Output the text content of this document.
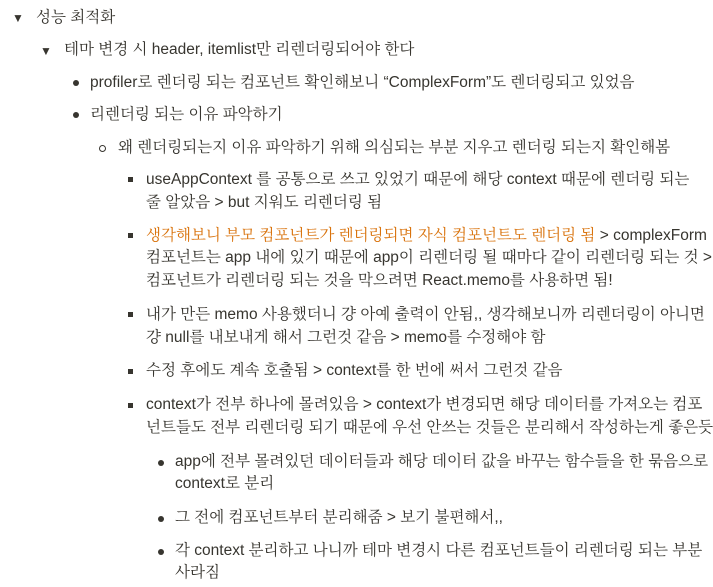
▼ 성능 최적화
▼ 테마 변경 시 header, itemlist만 리렌더링되어야 한다
profiler로 렌더링 되는 컴포넌트 확인해보니 “ComplexForm”도 렌더링되고 있었음
리렌더링 되는 이유 파악하기
왜 렌더링되는지 이유 파악하기 위해 의심되는 부분 지우고 렌더링 되는지 확인해봄
useAppContext 를 공통으로 쓰고 있었기 때문에 해당 context 때문에 렌더링 되는
줄 알았음 > but 지워도 리렌더링 됨
생각해보니 부모 컴포넌트가 렌더링되면 자식 컴포넌트도 렌더링 됨 > complexForm
컴포넌트는 app 내에 있기 때문에 app이 리렌더링 될 때마다 같이 리렌더링 되는 것 >
컴포넌트가 리렌더링 되는 것을 막으려면 React.memo를 사용하면 됨!
내가 만든 memo 사용했더니 걍 아예 출력이 안됨,, 생각해보니까 리렌더링이 아니면
걍 null를 내보내게 해서 그런것 같음 > memo를 수정해야 함
수정 후에도 계속 호출됨 > context를 한 번에 써서 그런것 같음
context가 전부 하나에 몰려있음 > context가 변경되면 해당 데이터를 가져오는 컴포
넌트들도 전부 리렌더링 되기 때문에 우선 안쓰는 것들은 분리해서 작성하는게 좋은듯
app에 전부 몰려있던 데이터들과 해당 데이터 값을 바꾸는 함수들을 한 묶음으로
context로 분리
그 전에 컴포넌트부터 분리해줌 > 보기 불편해서,,
각 context 분리하고 나니까 테마 변경시 다른 컴포넌트들이 리렌더링 되는 부분
사라짐
